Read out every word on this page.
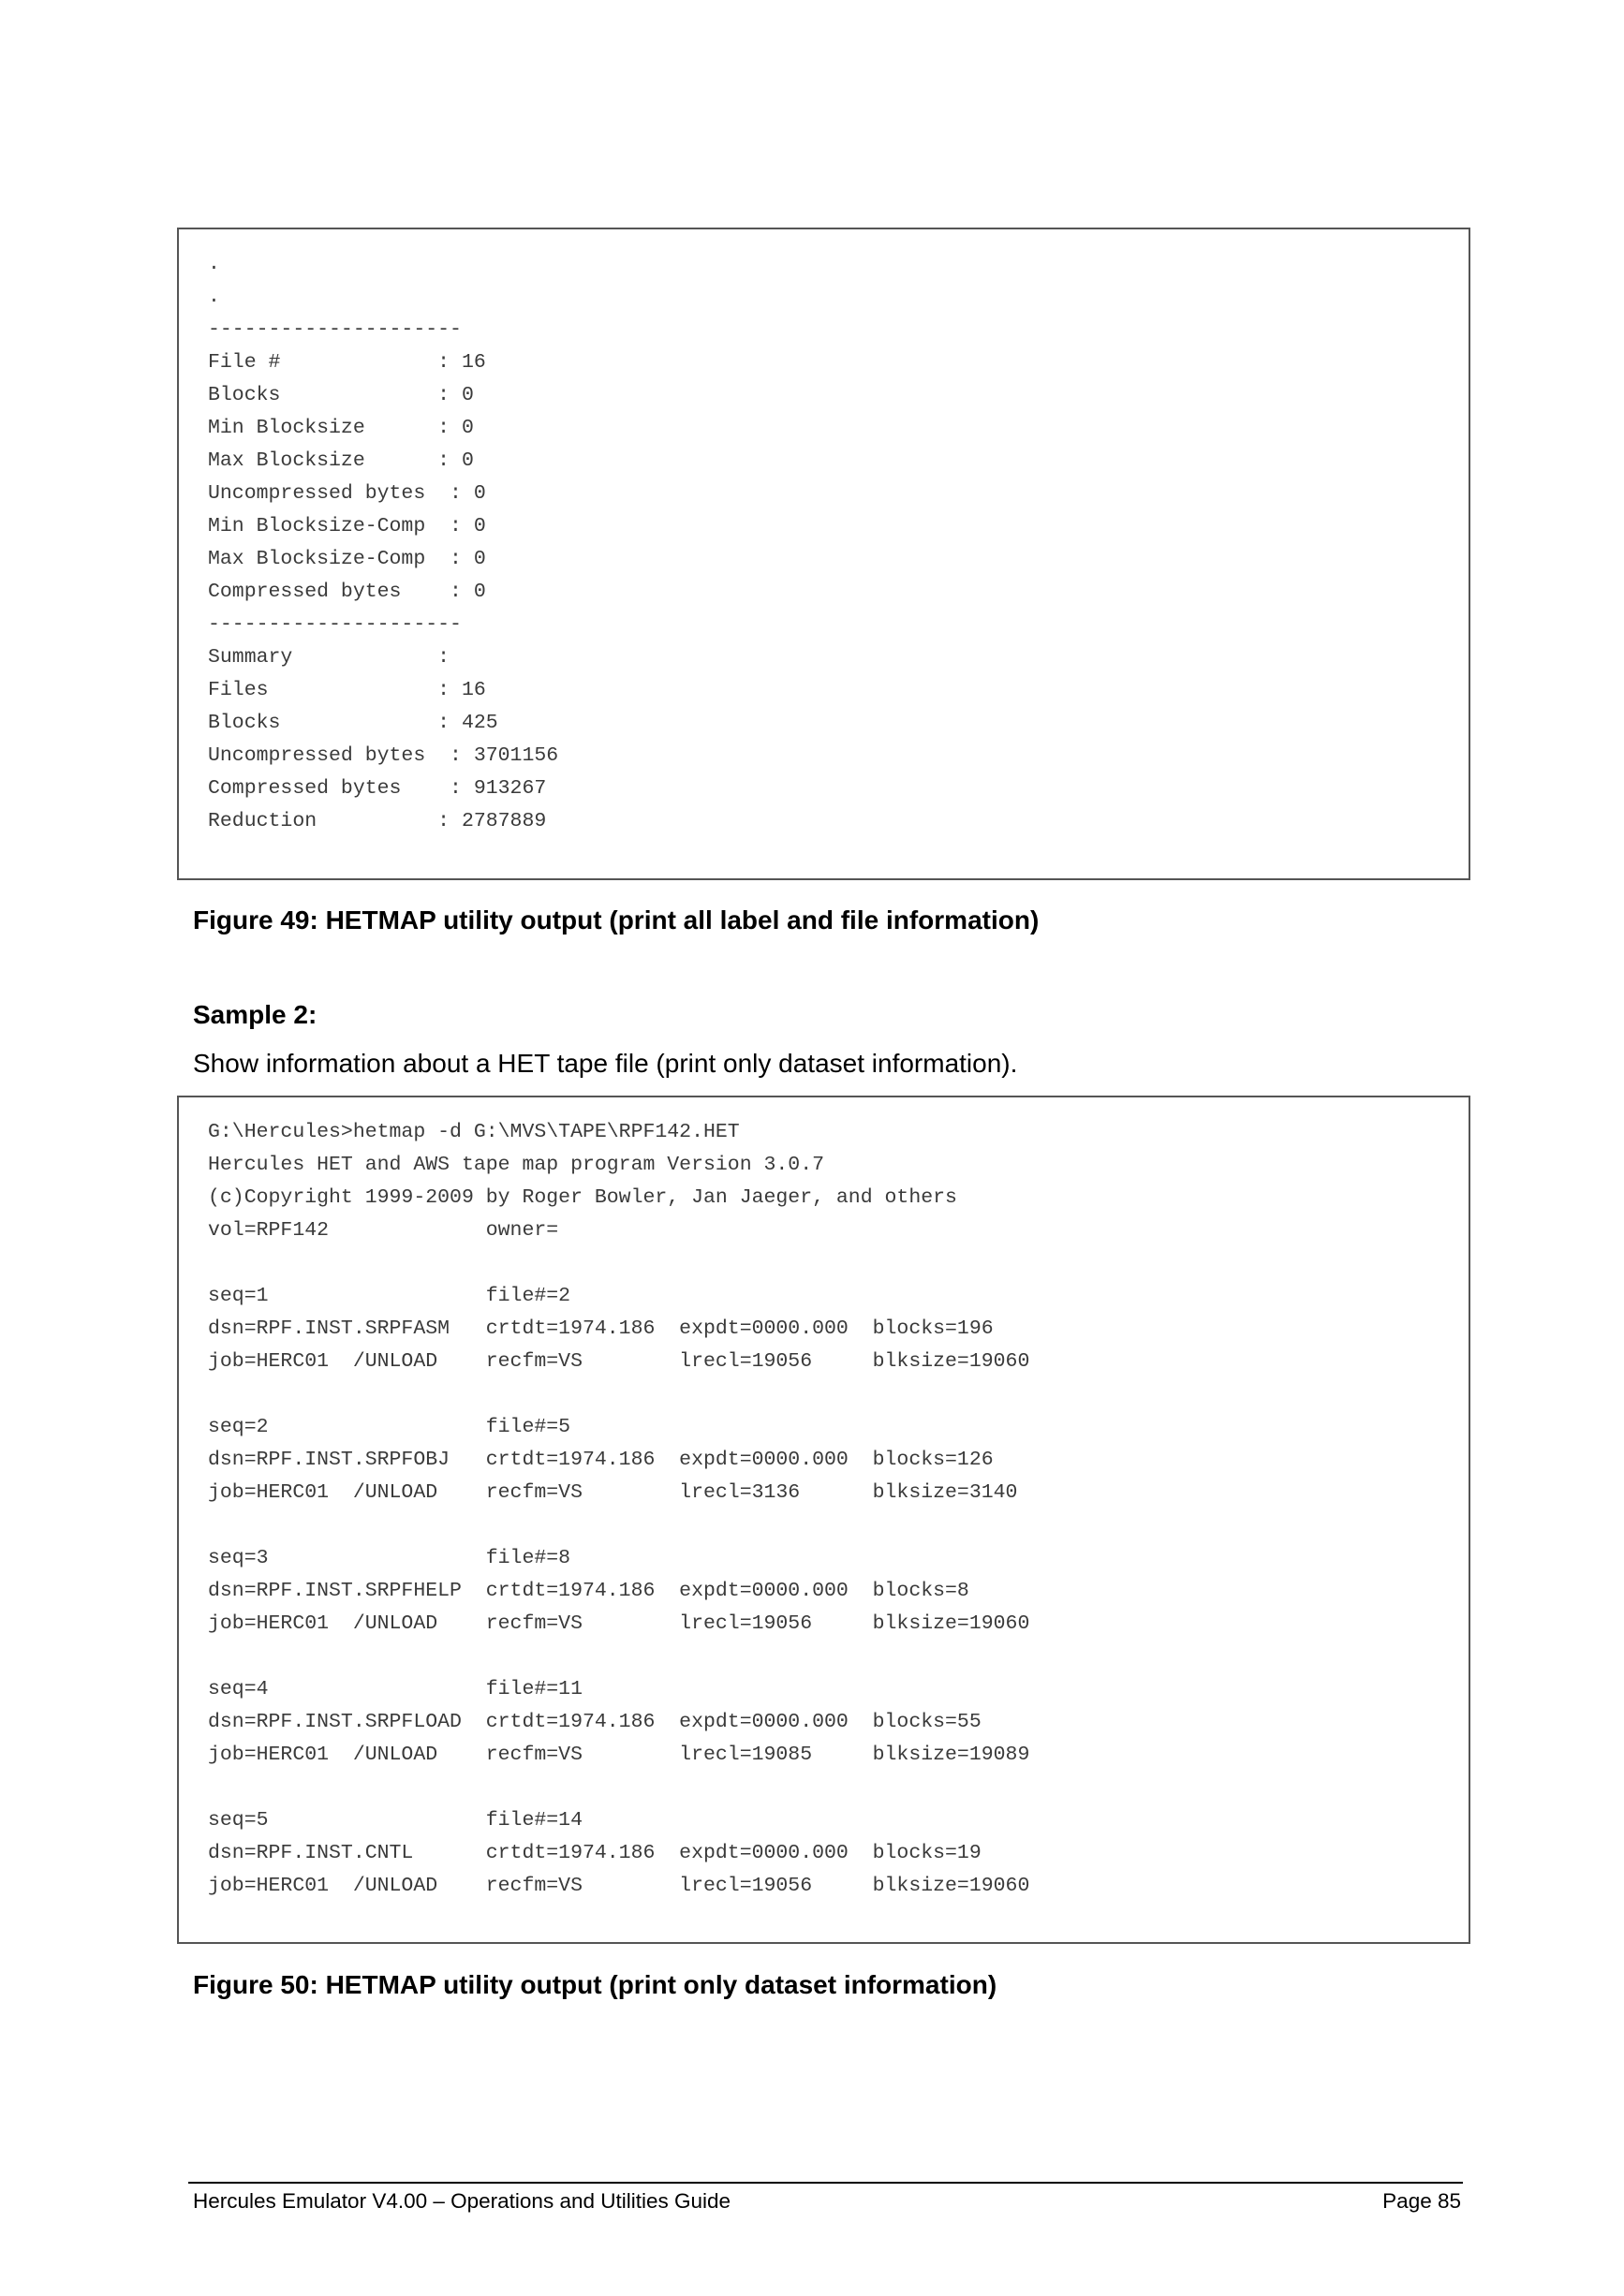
.
.
---------------------
File #             : 16
Blocks             : 0
Min Blocksize      : 0
Max Blocksize      : 0
Uncompressed bytes  : 0
Min Blocksize-Comp  : 0
Max Blocksize-Comp  : 0
Compressed bytes    : 0
---------------------
Summary            :
Files              : 16
Blocks             : 425
Uncompressed bytes  : 3701156
Compressed bytes    : 913267
Reduction          : 2787889
Figure 49: HETMAP utility output (print all label and file information)
Sample 2:
Show information about a HET tape file (print only dataset information).
G:\Hercules>hetmap -d G:\MVS\TAPE\RPF142.HET
Hercules HET and AWS tape map program Version 3.0.7
(c)Copyright 1999-2009 by Roger Bowler, Jan Jaeger, and others
vol=RPF142             owner=

seq=1                  file#=2
dsn=RPF.INST.SRPFASM   crtdt=1974.186  expdt=0000.000  blocks=196
job=HERC01  /UNLOAD    recfm=VS        lrecl=19056     blksize=19060

seq=2                  file#=5
dsn=RPF.INST.SRPFOBJ   crtdt=1974.186  expdt=0000.000  blocks=126
job=HERC01  /UNLOAD    recfm=VS        lrecl=3136      blksize=3140

seq=3                  file#=8
dsn=RPF.INST.SRPFHELP  crtdt=1974.186  expdt=0000.000  blocks=8
job=HERC01  /UNLOAD    recfm=VS        lrecl=19056     blksize=19060

seq=4                  file#=11
dsn=RPF.INST.SRPFLOAD  crtdt=1974.186  expdt=0000.000  blocks=55
job=HERC01  /UNLOAD    recfm=VS        lrecl=19085     blksize=19089

seq=5                  file#=14
dsn=RPF.INST.CNTL      crtdt=1974.186  expdt=0000.000  blocks=19
job=HERC01  /UNLOAD    recfm=VS        lrecl=19056     blksize=19060
Figure 50: HETMAP utility output (print only dataset information)
Hercules Emulator V4.00 – Operations and Utilities Guide	Page 85
